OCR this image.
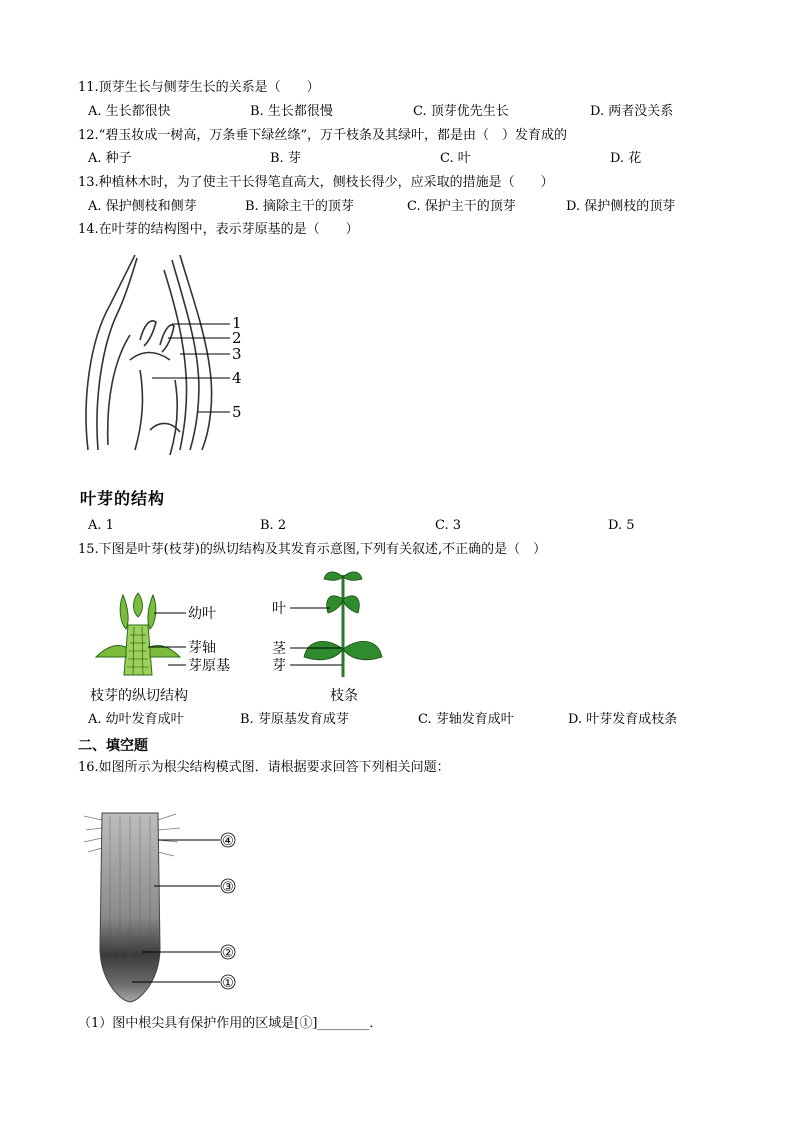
11.顶芽生长与侧芽生长的关系是（　　）
A. 生长都很快	B. 生长都很慢	C. 顶芽优先生长	D. 两者没关系
12.“碧玉妆成一树高，万条垂下绿丝绦”，万千枝条及其绿叶，都是由（　）发育成的
A. 种子	B. 芽	C. 叶	D. 花
13.种植林木时，为了使主干长得笔直高大，侧枝长得少，应采取的措施是（　　）
A. 保护侧枝和侧芽	B. 摘除主干的顶芽	C. 保护主干的顶芽	D. 保护侧枝的顶芽
14.在叶芽的结构图中，表示芽原基的是（　　）
1
2
3
4
5
叶芽的结构
A. 1	B. 2	C. 3	D. 5
15.下图是叶芽(枝芽)的纵切结构及其发育示意图,下列有关叙述,不正确的是（　）
幼叶
芽轴
芽原基
枝芽的纵切结构
叶
茎
芽
枝条
A. 幼叶发育成叶	B. 芽原基发育成芽	C. 芽轴发育成叶	D. 叶芽发育成枝条
二、填空题
16.如图所示为根尖结构模式图．请根据要求回答下列相关问题：
④
③
②
①
（1）图中根尖具有保护作用的区域是[①]________．
